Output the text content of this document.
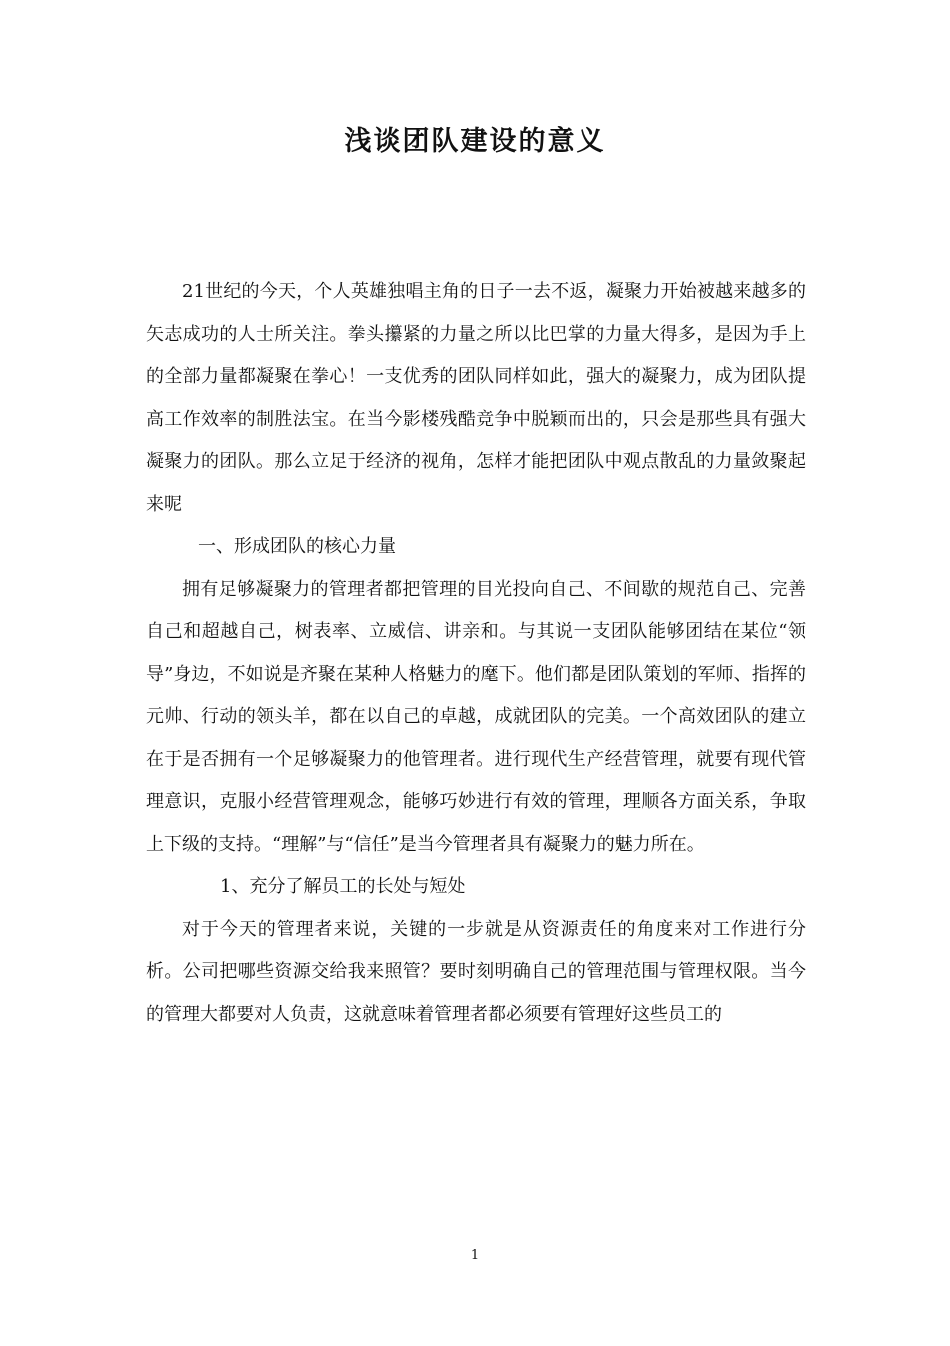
浅谈团队建设的意义

21世纪的今天，个人英雄独唱主角的日子一去不返，凝聚力开始被越来越多的矢志成功的人士所关注。拳头攥紧的力量之所以比巴掌的力量大得多，是因为手上的全部力量都凝聚在拳心！一支优秀的团队同样如此，强大的凝聚力，成为团队提高工作效率的制胜法宝。在当今影楼残酷竞争中脱颖而出的，只会是那些具有强大凝聚力的团队。那么立足于经济的视角，怎样才能把团队中观点散乱的力量敛聚起来呢

一、形成团队的核心力量

拥有足够凝聚力的管理者都把管理的目光投向自己、不间歇的规范自己、完善自己和超越自己，树表率、立威信、讲亲和。与其说一支团队能够团结在某位“领导”身边，不如说是齐聚在某种人格魅力的麾下。他们都是团队策划的军师、指挥的元帅、行动的领头羊，都在以自己的卓越，成就团队的完美。一个高效团队的建立在于是否拥有一个足够凝聚力的他管理者。进行现代生产经营管理，就要有现代管理意识，克服小经营管理观念，能够巧妙进行有效的管理，理顺各方面关系，争取上下级的支持。“理解”与“信任”是当今管理者具有凝聚力的魅力所在。

1、充分了解员工的长处与短处

对于今天的管理者来说，关键的一步就是从资源责任的角度来对工作进行分析。公司把哪些资源交给我来照管？要时刻明确自己的管理范围与管理权限。当今的管理大都要对人负责，这就意味着管理者都必须要有管理好这些员工的

1
